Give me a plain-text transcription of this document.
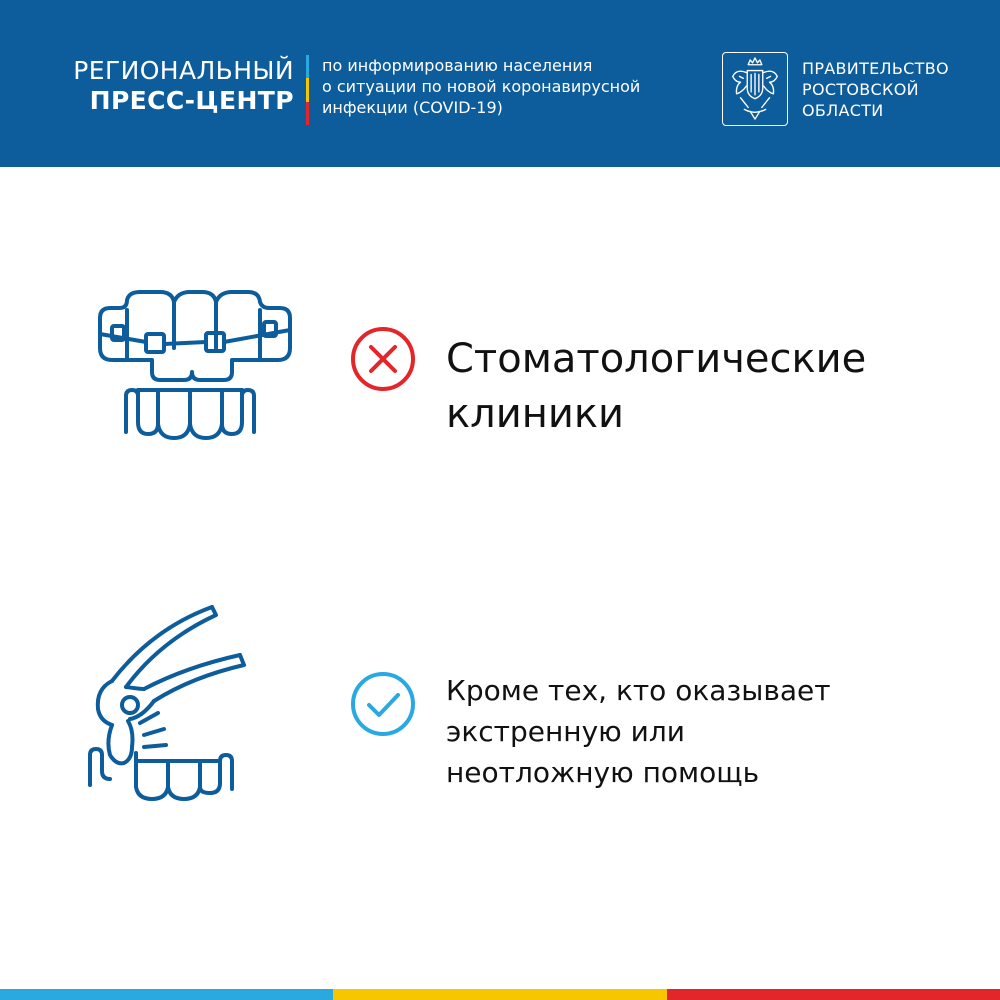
РЕГИОНАЛЬНЫЙ
ПРЕСС-ЦЕНТР
по информированию населения
о ситуации по новой коронавирусной
инфекции (COVID-19)
ПРАВИТЕЛЬСТВО
РОСТОВСКОЙ
ОБЛАСТИ
Стоматологические
клиники
Кроме тех, кто оказывает
экстренную или
неотложную помощь
